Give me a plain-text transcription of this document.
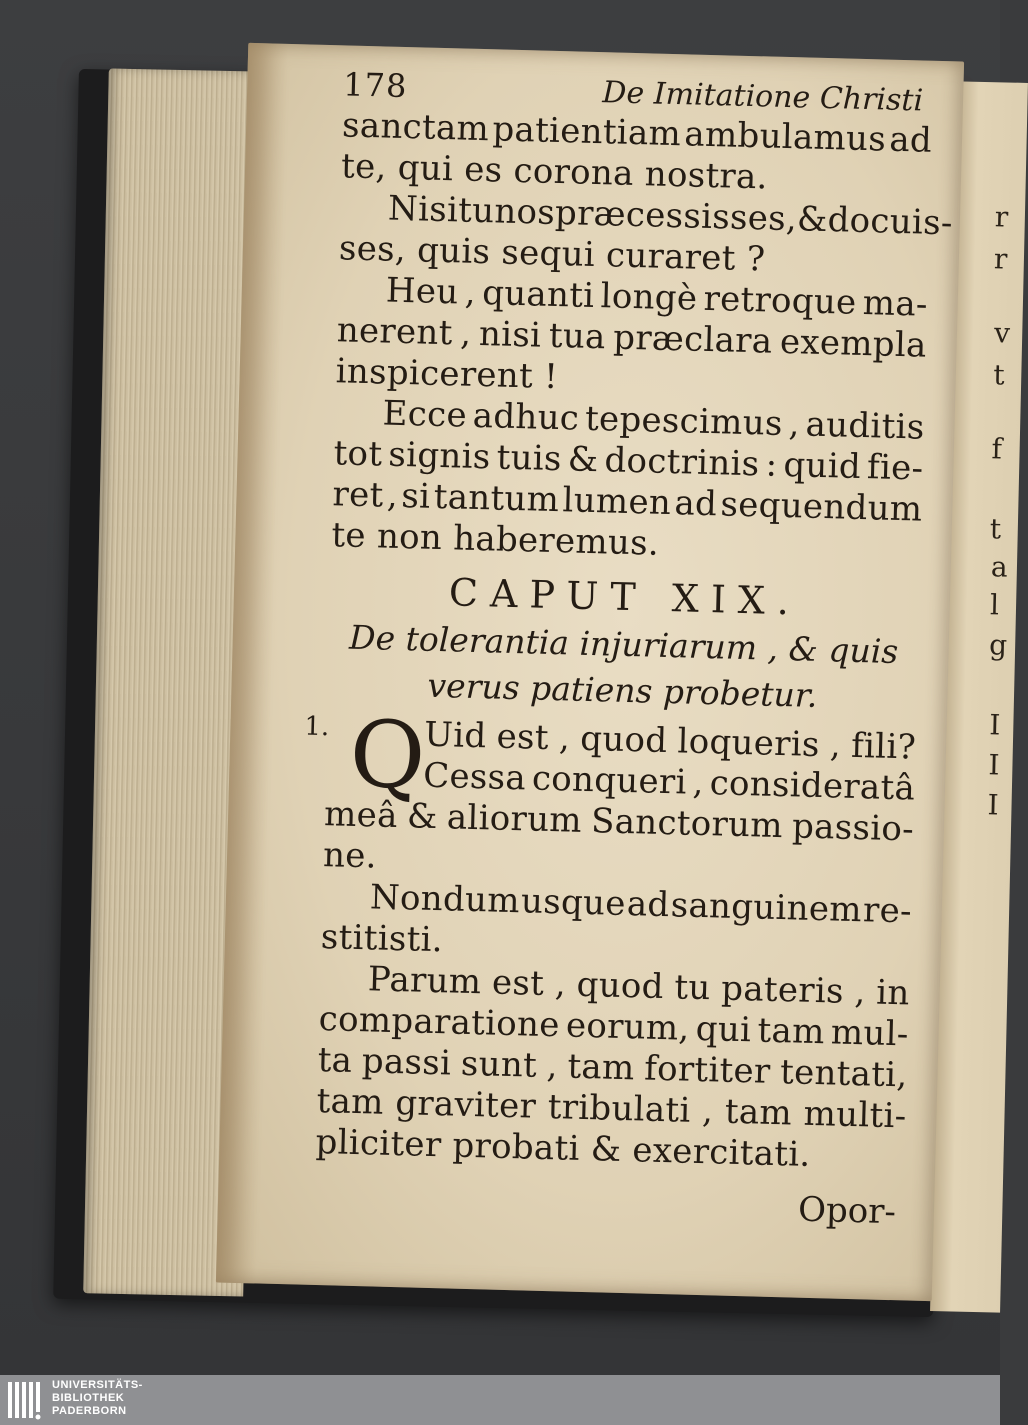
r
r
v
t
f
t
a
l
g
I
I
I
178	De Imitatione Christi
sanctam patientiam ambulamus ad
te, qui es corona nostra.
Nisi
tu
nos
præcessisses
,
&
docuis-
ses, quis sequi curaret ?
Heu , quanti longè retroque ma-
nerent , nisi tua præclara exempla
inspicerent !
Ecce adhuc tepescimus , auditis
tot signis tuis & doctrinis : quid fie-
ret , si tantum lumen ad sequendum
te non haberemus.
CAPUT XIX.
De tolerantia injuriarum , & quis
verus patiens probetur.
1. Q
Uid est , quod loqueris , fili?
Cessa conqueri , consideratâ
meâ & aliorum Sanctorum passio-
ne.
Nondum usque ad sanguinem re-
stitisti.
Parum est , quod tu pateris , in
comparatione eorum, qui tam mul-
ta passi sunt , tam fortiter tentati,
tam graviter tribulati , tam multi-
pliciter probati & exercitati.
Opor-
UNIVERSITÄTS-
BIBLIOTHEK
PADERBORN
